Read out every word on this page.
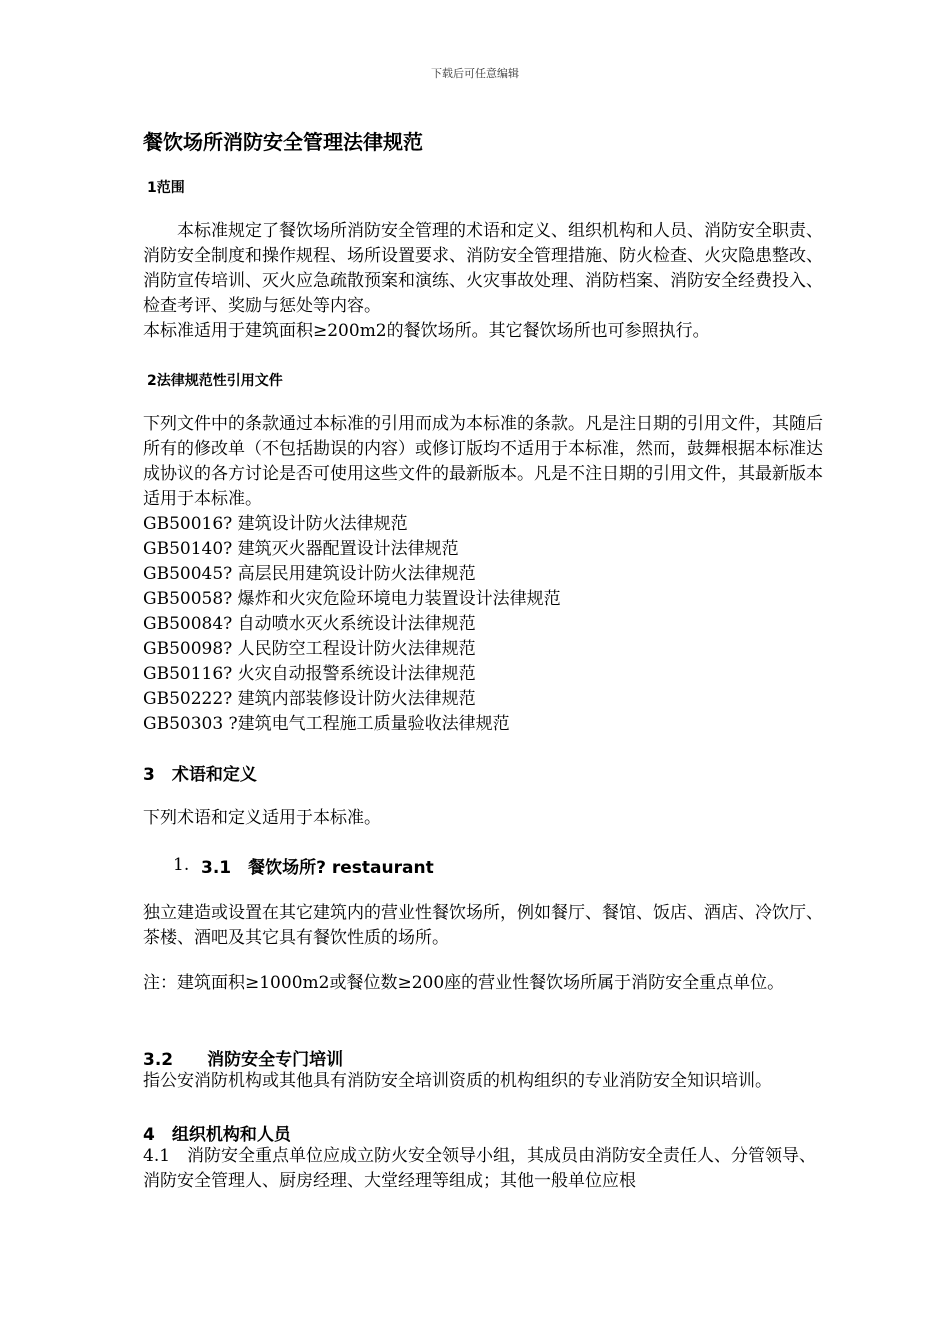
下载后可任意编辑
餐饮场所消防安全管理法律规范
1范围
本标准规定了餐饮场所消防安全管理的术语和定义、组织机构和人员、消防安全职责、消防安全制度和操作规程、场所设置要求、消防安全管理措施、防火检查、火灾隐患整改、消防宣传培训、灭火应急疏散预案和演练、火灾事故处理、消防档案、消防安全经费投入、检查考评、奖励与惩处等内容。
本标准适用于建筑面积≥200m2的餐饮场所。其它餐饮场所也可参照执行。
2法律规范性引用文件
下列文件中的条款通过本标准的引用而成为本标准的条款。凡是注日期的引用文件，其随后所有的修改单（不包括勘误的内容）或修订版均不适用于本标准，然而，鼓舞根据本标准达成协议的各方讨论是否可使用这些文件的最新版本。凡是不注日期的引用文件，其最新版本适用于本标准。
GB50016? 建筑设计防火法律规范
GB50140? 建筑灭火器配置设计法律规范
GB50045? 高层民用建筑设计防火法律规范
GB50058? 爆炸和火灾危险环境电力装置设计法律规范
GB50084? 自动喷水灭火系统设计法律规范
GB50098? 人民防空工程设计防火法律规范
GB50116? 火灾自动报警系统设计法律规范
GB50222? 建筑内部装修设计防火法律规范
GB50303 ?建筑电气工程施工质量验收法律规范
3　术语和定义
下列术语和定义适用于本标准。
1. 3.1　餐饮场所? restaurant
独立建造或设置在其它建筑内的营业性餐饮场所，例如餐厅、餐馆、饭店、酒店、冷饮厅、茶楼、酒吧及其它具有餐饮性质的场所。
注：建筑面积≥1000m2或餐位数≥200座的营业性餐饮场所属于消防安全重点单位。
3.2　　消防安全专门培训
指公安消防机构或其他具有消防安全培训资质的机构组织的专业消防安全知识培训。
4　组织机构和人员
4.1　消防安全重点单位应成立防火安全领导小组，其成员由消防安全责任人、分管领导、消防安全管理人、厨房经理、大堂经理等组成；其他一般单位应根
